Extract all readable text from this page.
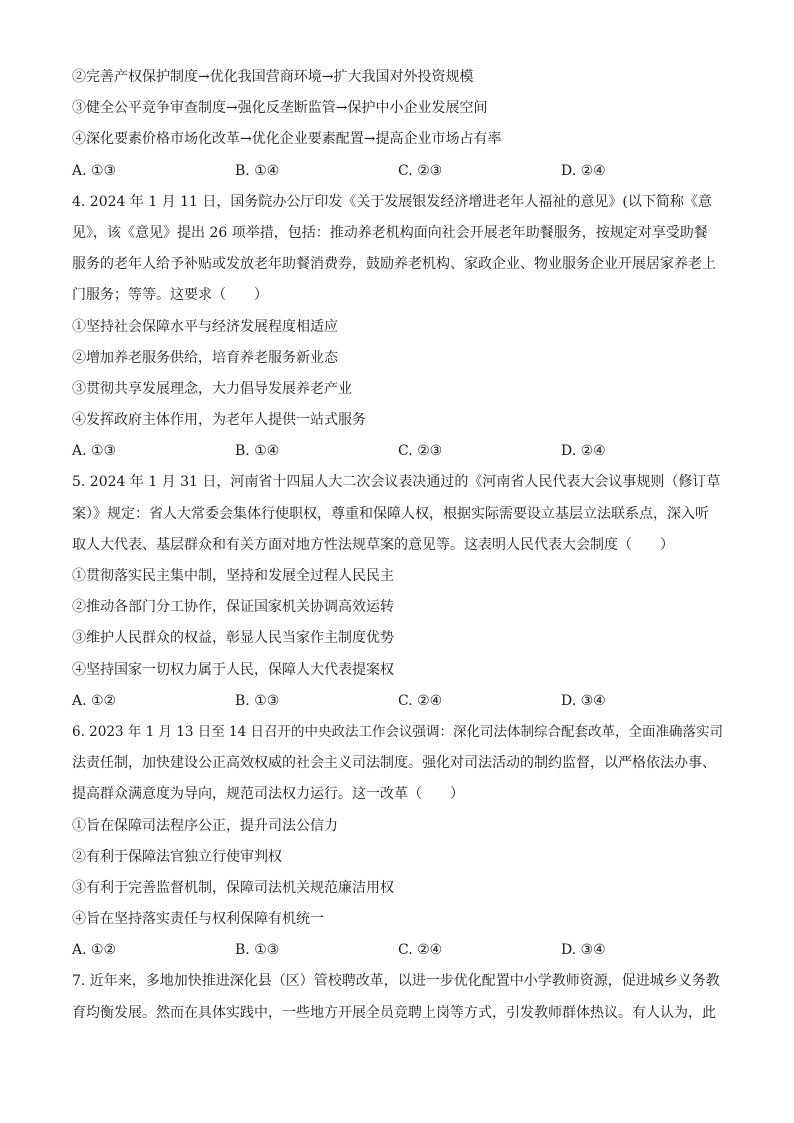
②完善产权保护制度→优化我国营商环境→扩大我国对外投资规模
③健全公平竞争审查制度→强化反垄断监管→保护中小企业发展空间
④深化要素价格市场化改革→优化企业要素配置→提高企业市场占有率
A. ①③	B. ①④	C. ②③	D. ②④
4. 2024 年 1 月 11 日，国务院办公厅印发《关于发展银发经济增进老年人福祉的意见》(以下简称《意
见》，该《意见》提出 26 项举措，包括：推动养老机构面向社会开展老年助餐服务，按规定对享受助餐
服务的老年人给予补贴或发放老年助餐消费券，鼓励养老机构、家政企业、物业服务企业开展居家养老上
门服务；等等。这要求（　　）
①坚持社会保障水平与经济发展程度相适应
②增加养老服务供给，培育养老服务新业态
③贯彻共享发展理念，大力倡导发展养老产业
④发挥政府主体作用，为老年人提供一站式服务
A. ①③	B. ①④	C. ②③	D. ②④
5. 2024 年 1 月 31 日，河南省十四届人大二次会议表决通过的《河南省人民代表大会议事规则（修订草
案）》规定：省人大常委会集体行使职权，尊重和保障人权，根据实际需要设立基层立法联系点，深入听
取人大代表、基层群众和有关方面对地方性法规草案的意见等。这表明人民代表大会制度（　　）
①贯彻落实民主集中制，坚持和发展全过程人民民主
②推动各部门分工协作，保证国家机关协调高效运转
③维护人民群众的权益，彰显人民当家作主制度优势
④坚持国家一切权力属于人民，保障人大代表提案权
A. ①②	B. ①③	C. ②④	D. ③④
6. 2023 年 1 月 13 日至 14 日召开的中央政法工作会议强调：深化司法体制综合配套改革，全面准确落实司
法责任制，加快建设公正高效权威的社会主义司法制度。强化对司法活动的制约监督，以严格依法办事、
提高群众满意度为导向，规范司法权力运行。这一改革（　　）
①旨在保障司法程序公正，提升司法公信力
②有利于保障法官独立行使审判权
③有利于完善监督机制，保障司法机关规范廉洁用权
④旨在坚持落实责任与权利保障有机统一
A. ①②	B. ①③	C. ②④	D. ③④
7. 近年来，多地加快推进深化县（区）管校聘改革，以进一步优化配置中小学教师资源，促进城乡义务教
育均衡发展。然而在具体实践中，一些地方开展全员竞聘上岗等方式，引发教师群体热议。有人认为，此
